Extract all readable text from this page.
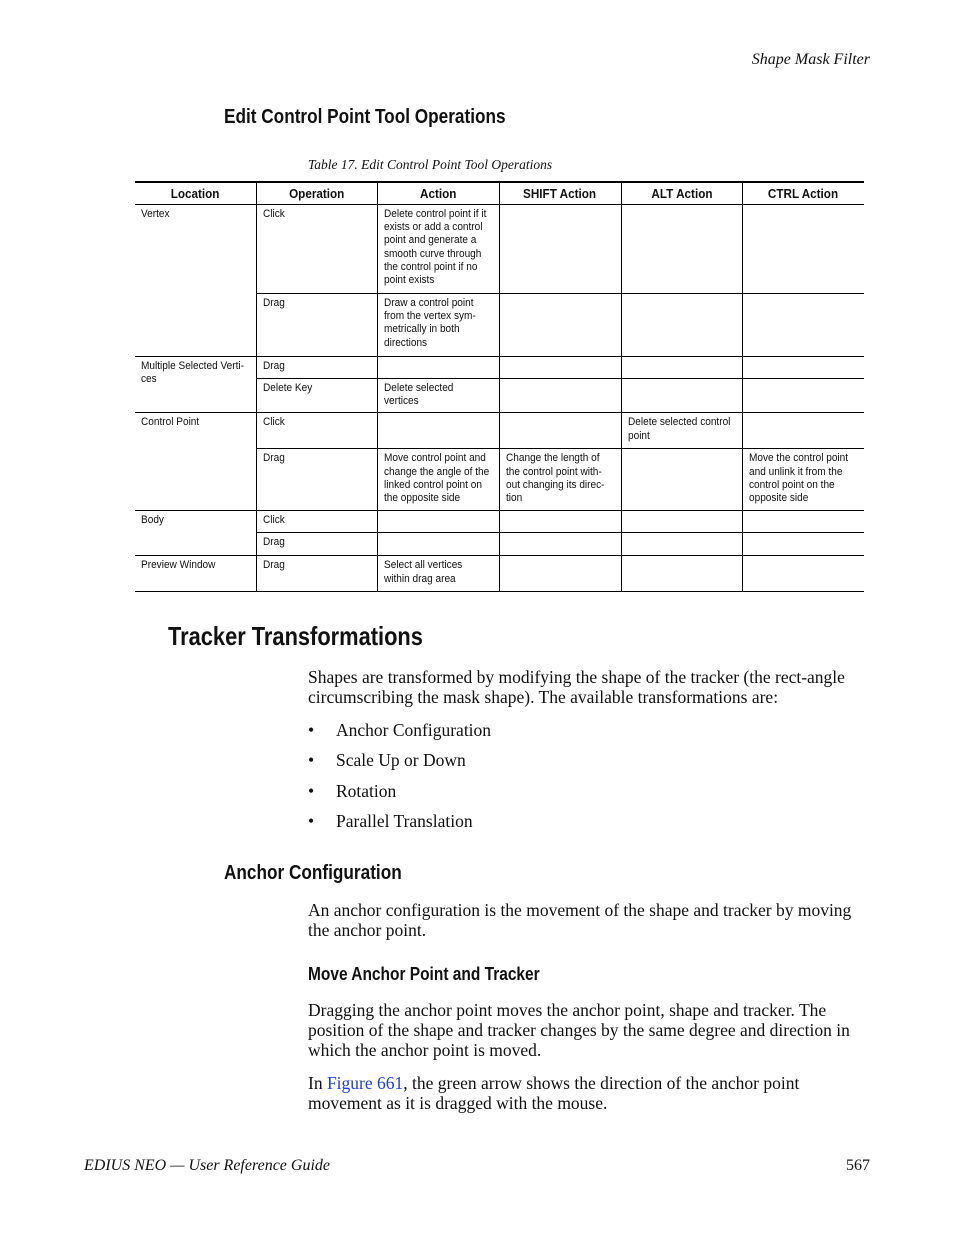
Shape Mask Filter
Edit Control Point Tool Operations
Table 17. Edit Control Point Tool Operations
Location	Operation	Action	SHIFT Action	ALT Action	CTRL Action
Vertex	Click	Delete control point if it exists or add a control point and generate a smooth curve through the control point if no point exists			
	Drag	Draw a control point from the vertex sym-metrically in both directions			
Multiple Selected Verti-ces	Drag				
	Delete Key	Delete selected vertices			
Control Point	Click			Delete selected control point	
	Drag	Move control point and change the angle of the linked control point on the opposite side	Change the length of the control point with-out changing its direc-tion		Move the control point and unlink it from the control point on the opposite side
Body	Click				
	Drag				
Preview Window	Drag	Select all vertices within drag area			
Tracker Transformations
Shapes are transformed by modifying the shape of the tracker (the rect-angle circumscribing the mask shape). The available transformations are:
• Anchor Configuration
• Scale Up or Down
• Rotation
• Parallel Translation
Anchor Configuration
An anchor configuration is the movement of the shape and tracker by moving the anchor point.
Move Anchor Point and Tracker
Dragging the anchor point moves the anchor point, shape and tracker. The position of the shape and tracker changes by the same degree and direction in which the anchor point is moved.
In Figure 661, the green arrow shows the direction of the anchor point movement as it is dragged with the mouse.
EDIUS NEO — User Reference Guide	567
